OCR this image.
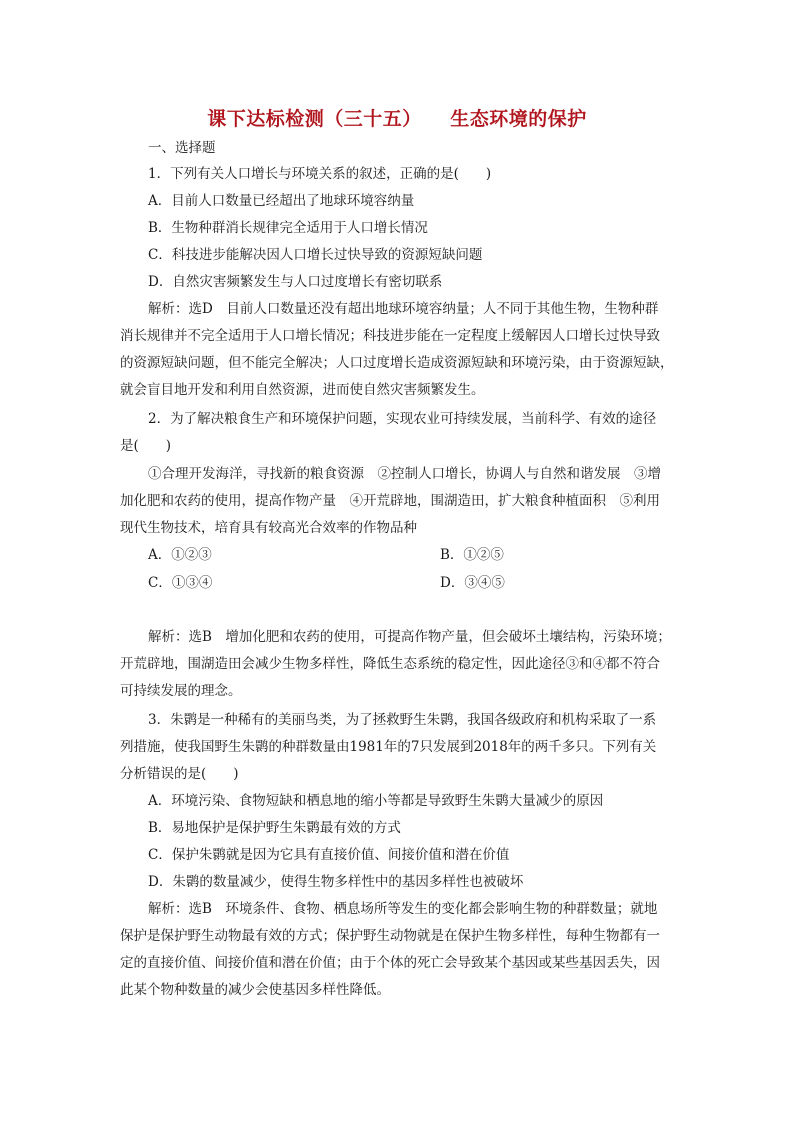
课下达标检测（三十五）    生态环境的保护
一、选择题
1．下列有关人口增长与环境关系的叙述，正确的是(　　)
A．目前人口数量已经超出了地球环境容纳量
B．生物种群消长规律完全适用于人口增长情况
C．科技进步能解决因人口增长过快导致的资源短缺问题
D．自然灾害频繁发生与人口过度增长有密切联系
解析：选D　目前人口数量还没有超出地球环境容纳量；人不同于其他生物，生物种群
消长规律并不完全适用于人口增长情况；科技进步能在一定程度上缓解因人口增长过快导致
的资源短缺问题，但不能完全解决；人口过度增长造成资源短缺和环境污染，由于资源短缺，
就会盲目地开发和利用自然资源，进而使自然灾害频繁发生。
2．为了解决粮食生产和环境保护问题，实现农业可持续发展，当前科学、有效的途径
是(　　)
①合理开发海洋，寻找新的粮食资源　②控制人口增长，协调人与自然和谐发展　③增
加化肥和农药的使用，提高作物产量　④开荒辟地，围湖造田，扩大粮食种植面积　⑤利用
现代生物技术，培育具有较高光合效率的作物品种
A．①②③	B．①②⑤
C．①③④	D．③④⑤
解析：选B　增加化肥和农药的使用，可提高作物产量，但会破坏土壤结构，污染环境；
开荒辟地，围湖造田会减少生物多样性，降低生态系统的稳定性，因此途径③和④都不符合
可持续发展的理念。
3．朱鹮是一种稀有的美丽鸟类，为了拯救野生朱鹮，我国各级政府和机构采取了一系
列措施，使我国野生朱鹮的种群数量由1981年的7只发展到2018年的两千多只。下列有关
分析错误的是(　　)
A．环境污染、食物短缺和栖息地的缩小等都是导致野生朱鹮大量减少的原因
B．易地保护是保护野生朱鹮最有效的方式
C．保护朱鹮就是因为它具有直接价值、间接价值和潜在价值
D．朱鹮的数量减少，使得生物多样性中的基因多样性也被破坏
解析：选B　环境条件、食物、栖息场所等发生的变化都会影响生物的种群数量；就地
保护是保护野生动物最有效的方式；保护野生动物就是在保护生物多样性，每种生物都有一
定的直接价值、间接价值和潜在价值；由于个体的死亡会导致某个基因或某些基因丢失，因
此某个物种数量的减少会使基因多样性降低。
